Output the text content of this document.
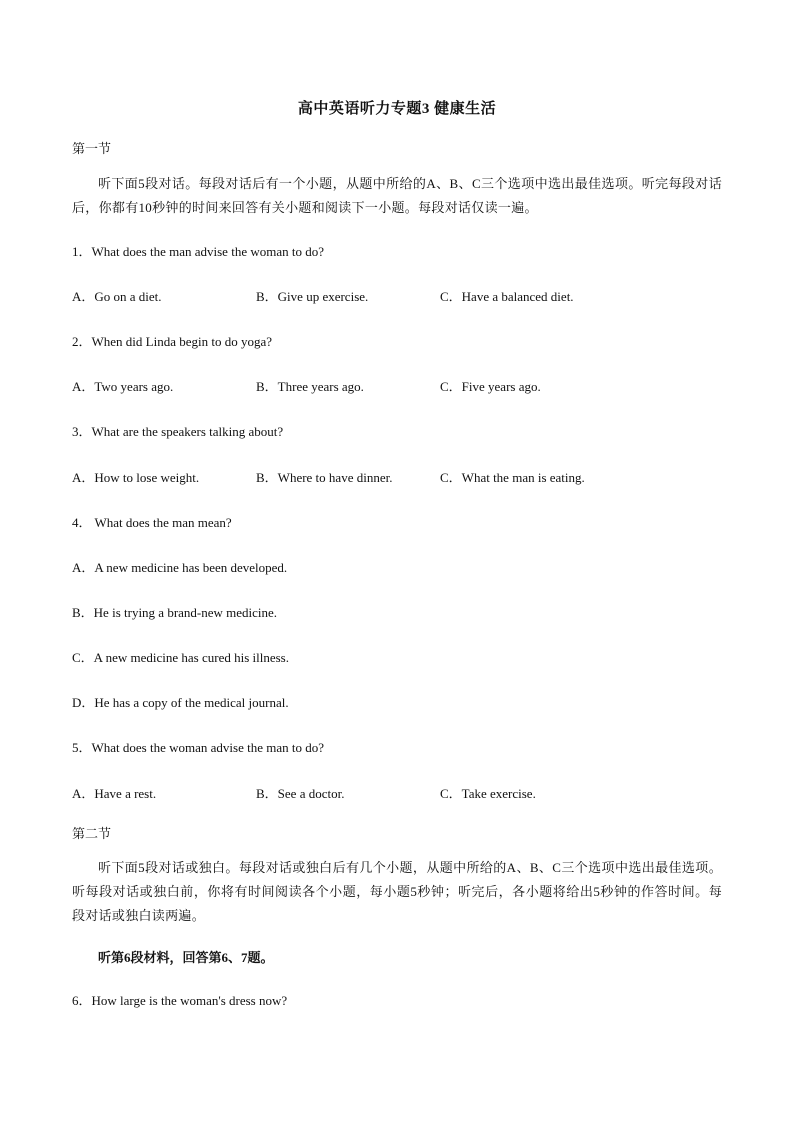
高中英语听力专题3 健康生活
第一节
听下面5段对话。每段对话后有一个小题，从题中所给的A、B、C三个选项中选出最佳选项。听完每段对话后，你都有10秒钟的时间来回答有关小题和阅读下一小题。每段对话仅读一遍。
1．What does the man advise the woman to do?
A．Go on a diet.	B．Give up exercise.	C．Have a balanced diet.
2．When did Linda begin to do yoga?
A．Two years ago.	B．Three years ago.	C．Five years ago.
3．What are the speakers talking about?
A．How to lose weight.	B．Where to have dinner.	C．What the man is eating.
4． What does the man mean?
A．A new medicine has been developed.
B．He is trying a brand-new medicine.
C．A new medicine has cured his illness.
D．He has a copy of the medical journal.
5．What does the woman advise the man to do?
A．Have a rest.	B．See a doctor.	C．Take exercise.
第二节
听下面5段对话或独白。每段对话或独白后有几个小题，从题中所给的A、B、C三个选项中选出最佳选项。听每段对话或独白前，你将有时间阅读各个小题，每小题5秒钟；听完后，各小题将给出5秒钟的作答时间。每段对话或独白读两遍。
听第6段材料，回答第6、7题。
6．How large is the woman's dress now?
